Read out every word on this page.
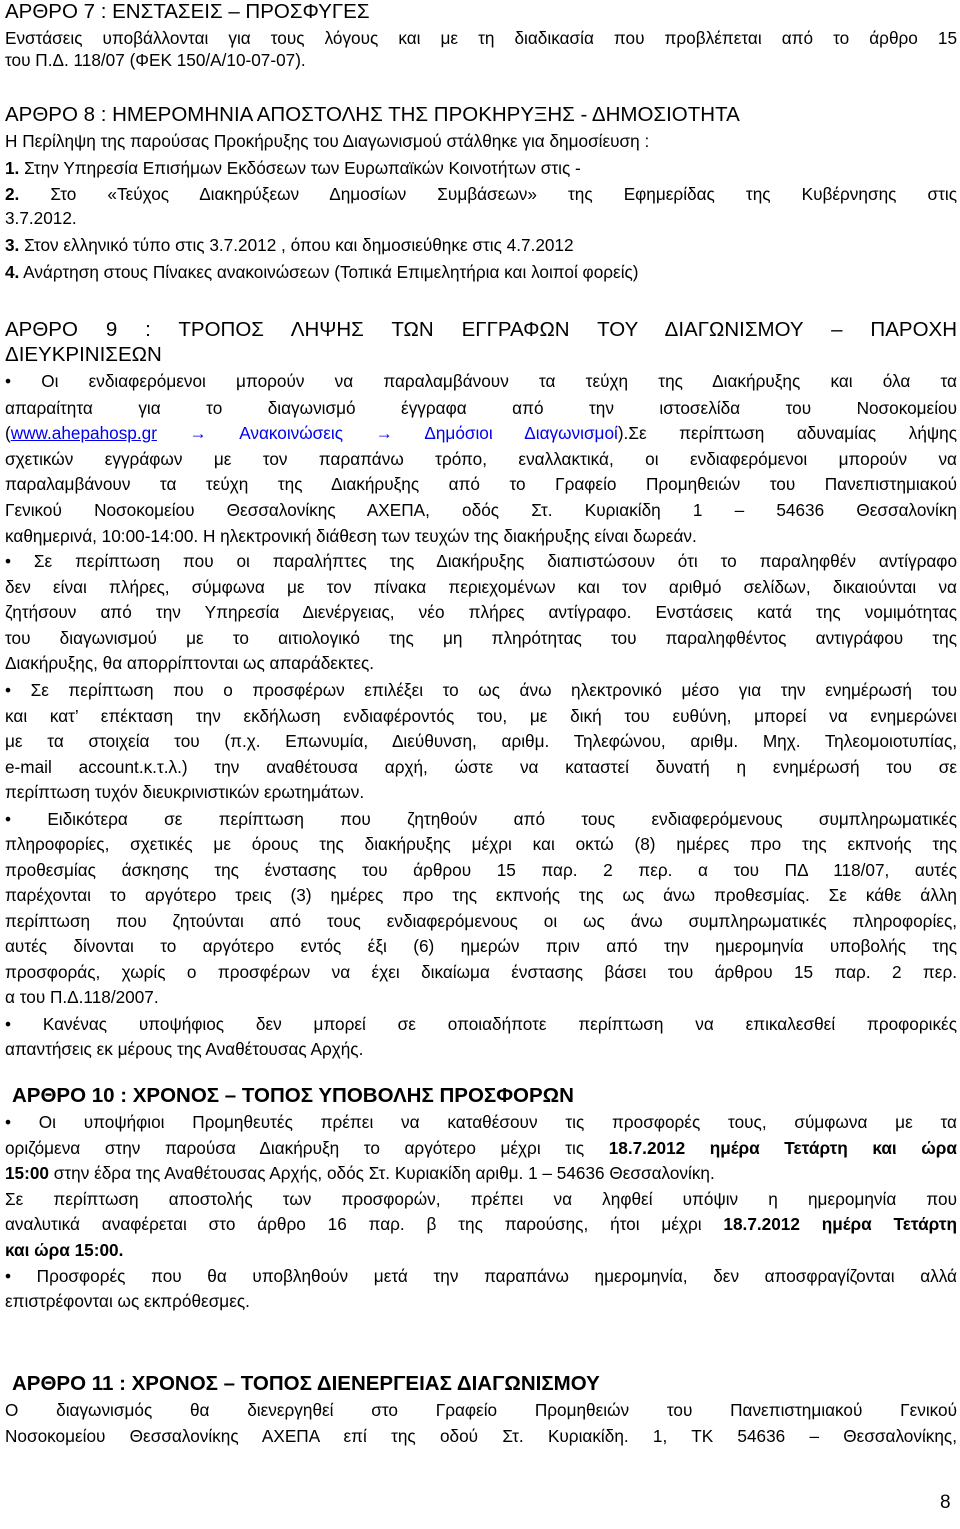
ΑΡΘΡΟ 7 : ΕΝΣΤΑΣΕΙΣ – ΠΡΟΣΦΥΓΕΣ
Ενστάσεις υποβάλλονται για τους λόγους και με τη διαδικασία που προβλέπεται από το άρθρο 15
του Π.Δ. 118/07 (ΦΕΚ 150/Α/10-07-07).
ΑΡΘΡΟ 8 : ΗΜΕΡΟΜΗΝΙΑ ΑΠΟΣΤΟΛΗΣ ΤΗΣ ΠΡΟΚΗΡΥΞΗΣ - ΔΗΜΟΣΙΟΤΗΤΑ
Η Περίληψη της παρούσας Προκήρυξης του Διαγωνισμού στάλθηκε για δημοσίευση :
1. Στην Υπηρεσία Επισήμων Εκδόσεων των Ευρωπαϊκών Κοινοτήτων στις -
2. Στο «Τεύχος Διακηρύξεων Δημοσίων Συμβάσεων» της Εφημερίδας της Κυβέρνησης στις
3.7.2012.
3. Στον ελληνικό τύπο στις 3.7.2012 , όπου και δημοσιεύθηκε στις 4.7.2012
4. Ανάρτηση στους Πίνακες ανακοινώσεων (Τοπικά Επιμελητήρια και λοιποί φορείς)
ΑΡΘΡΟ 9 : ΤΡΟΠΟΣ ΛΗΨΗΣ ΤΩΝ ΕΓΓΡΑΦΩΝ ΤΟΥ ΔΙΑΓΩΝΙΣΜΟΥ – ΠΑΡΟΧΗ
ΔΙΕΥΚΡΙΝΙΣΕΩΝ
• Οι ενδιαφερόμενοι μπορούν να παραλαμβάνουν τα τεύχη της Διακήρυξης και όλα τα
απαραίτητα για το διαγωνισμό έγγραφα από την ιστοσελίδα του Νοσοκομείου
(www.ahepahosp.gr → Ανακοινώσεις → Δημόσιοι Διαγωνισμοί).Σε περίπτωση αδυναμίας λήψης
σχετικών εγγράφων με τον παραπάνω τρόπο, εναλλακτικά, οι ενδιαφερόμενοι μπορούν να
παραλαμβάνουν τα τεύχη της Διακήρυξης από το Γραφείο Προμηθειών του Πανεπιστημιακού
Γενικού Νοσοκομείου Θεσσαλονίκης ΑΧΕΠΑ, οδός Στ. Κυριακίδη 1 – 54636 Θεσσαλονίκη
καθημερινά, 10:00-14:00. Η ηλεκτρονική διάθεση των τευχών της διακήρυξης είναι δωρεάν.
• Σε περίπτωση που οι παραλήπτες της Διακήρυξης διαπιστώσουν ότι το παραληφθέν αντίγραφο
δεν είναι πλήρες, σύμφωνα με τον πίνακα περιεχομένων και τον αριθμό σελίδων, δικαιούνται να
ζητήσουν από την Υπηρεσία Διενέργειας, νέο πλήρες αντίγραφο. Ενστάσεις κατά της νομιμότητας
του διαγωνισμού με το αιτιολογικό της μη πληρότητας του παραληφθέντος αντιγράφου της
Διακήρυξης, θα απορρίπτονται ως απαράδεκτες.
• Σε περίπτωση που ο προσφέρων επιλέξει το ως άνω ηλεκτρονικό μέσο για την ενημέρωσή του
και κατ’ επέκταση την εκδήλωση ενδιαφέροντός του, με δική του ευθύνη, μπορεί να ενημερώνει
με τα στοιχεία του (π.χ. Επωνυμία, Διεύθυνση, αριθμ. Τηλεφώνου, αριθμ. Μηχ. Τηλεομοιοτυπίας,
e-mail account.κ.τ.λ.) την αναθέτουσα αρχή, ώστε να καταστεί δυνατή η ενημέρωσή του σε
περίπτωση τυχόν διευκρινιστικών ερωτημάτων.
• Ειδικότερα σε περίπτωση που ζητηθούν από τους ενδιαφερόμενους συμπληρωματικές
πληροφορίες, σχετικές με όρους της διακήρυξης μέχρι και οκτώ (8) ημέρες προ της εκπνοής της
προθεσμίας άσκησης της ένστασης του άρθρου 15 παρ. 2 περ. α του ΠΔ 118/07, αυτές
παρέχονται το αργότερο τρεις (3) ημέρες προ της εκπνοής της ως άνω προθεσμίας. Σε κάθε άλλη
περίπτωση που ζητούνται από τους ενδιαφερόμενους οι ως άνω συμπληρωματικές πληροφορίες,
αυτές δίνονται το αργότερο εντός έξι (6) ημερών πριν από την ημερομηνία υποβολής της
προσφοράς, χωρίς ο προσφέρων να έχει δικαίωμα ένστασης βάσει του άρθρου 15 παρ. 2 περ.
α του Π.Δ.118/2007.
• Κανένας υποψήφιος δεν μπορεί σε οποιαδήποτε περίπτωση να επικαλεσθεί προφορικές
απαντήσεις εκ μέρους της Αναθέτουσας Αρχής.
ΑΡΘΡΟ 10 : ΧΡΟΝΟΣ – ΤΟΠΟΣ ΥΠΟΒΟΛΗΣ ΠΡΟΣΦΟΡΩΝ
• Οι υποψήφιοι Προμηθευτές πρέπει να καταθέσουν τις προσφορές τους, σύμφωνα με τα
οριζόμενα στην παρούσα Διακήρυξη το αργότερο μέχρι τις 18.7.2012 ημέρα Τετάρτη και ώρα
15:00 στην έδρα της Αναθέτουσας Αρχής, οδός Στ. Κυριακίδη αριθμ. 1 – 54636 Θεσσαλονίκη.
Σε περίπτωση αποστολής των προσφορών, πρέπει να ληφθεί υπόψιν η ημερομηνία που
αναλυτικά αναφέρεται στο άρθρο 16 παρ. β της παρούσης, ήτοι μέχρι 18.7.2012 ημέρα Τετάρτη
και ώρα 15:00.
• Προσφορές που θα υποβληθούν μετά την παραπάνω ημερομηνία, δεν αποσφραγίζονται αλλά
επιστρέφονται ως εκπρόθεσμες.
ΑΡΘΡΟ 11 : ΧΡΟΝΟΣ – ΤΟΠΟΣ ΔΙΕΝΕΡΓΕΙΑΣ ΔΙΑΓΩΝΙΣΜΟΥ
Ο διαγωνισμός θα διενεργηθεί στο Γραφείο Προμηθειών του Πανεπιστημιακού Γενικού
Νοσοκομείου Θεσσαλονίκης ΑΧΕΠΑ επί της οδού Στ. Κυριακίδη. 1, ΤΚ 54636 – Θεσσαλονίκης,
8
